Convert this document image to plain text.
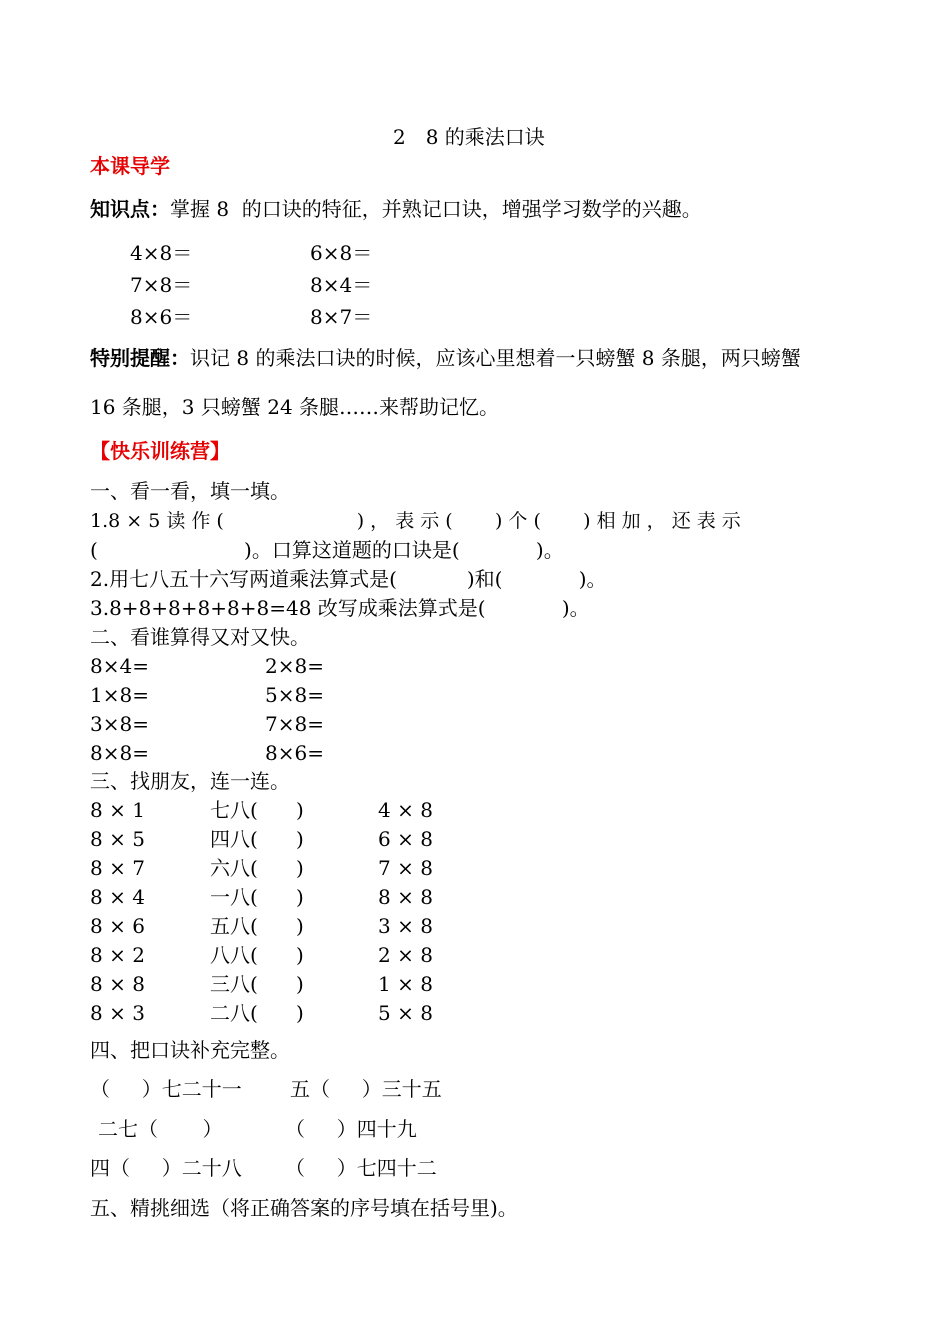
2　8 的乘法口诀
本课导学
知识点：掌握 8  的口诀的特征，并熟记口诀，增强学习数学的兴趣。
4×8＝	6×8＝
7×8＝	8×4＝
8×6＝	8×7＝
特别提醒：识记 8 的乘法口诀的时候，应该心里想着一只螃蟹 8 条腿，两只螃蟹
16 条腿，3 只螃蟹 24 条腿……来帮助记忆。
【快乐训练营】
一、看一看，填一填。
1.8 × 5 读 作 (                      ) ， 表 示 (       ) 个 (       ) 相 加 ， 还 表 示
(                       )。口算这道题的口诀是(            )。
2.用七八五十六写两道乘法算式是(           )和(            )。
3.8+8+8+8+8+8=48 改写成乘法算式是(            )。
二、看谁算得又对又快。
8×4=	2×8=
1×8=	5×8=
3×8=	7×8=
8×8=	8×6=
三、找朋友，连一连。
8 × 1	七八(      )	4 × 8
8 × 5	四八(      )	6 × 8
8 × 7	六八(      )	7 × 8
8 × 4	一八(      )	8 × 8
8 × 6	五八(      )	3 × 8
8 × 2	八八(      )	2 × 8
8 × 8	三八(      )	1 × 8
8 × 3	二八(      )	5 × 8
四、把口诀补充完整。
（     ）七二十一 五（     ）三十五
二七（       ）	（     ）四十九
四（     ）二十八 （     ）七四十二
五、精挑细选（将正确答案的序号填在括号里)。
